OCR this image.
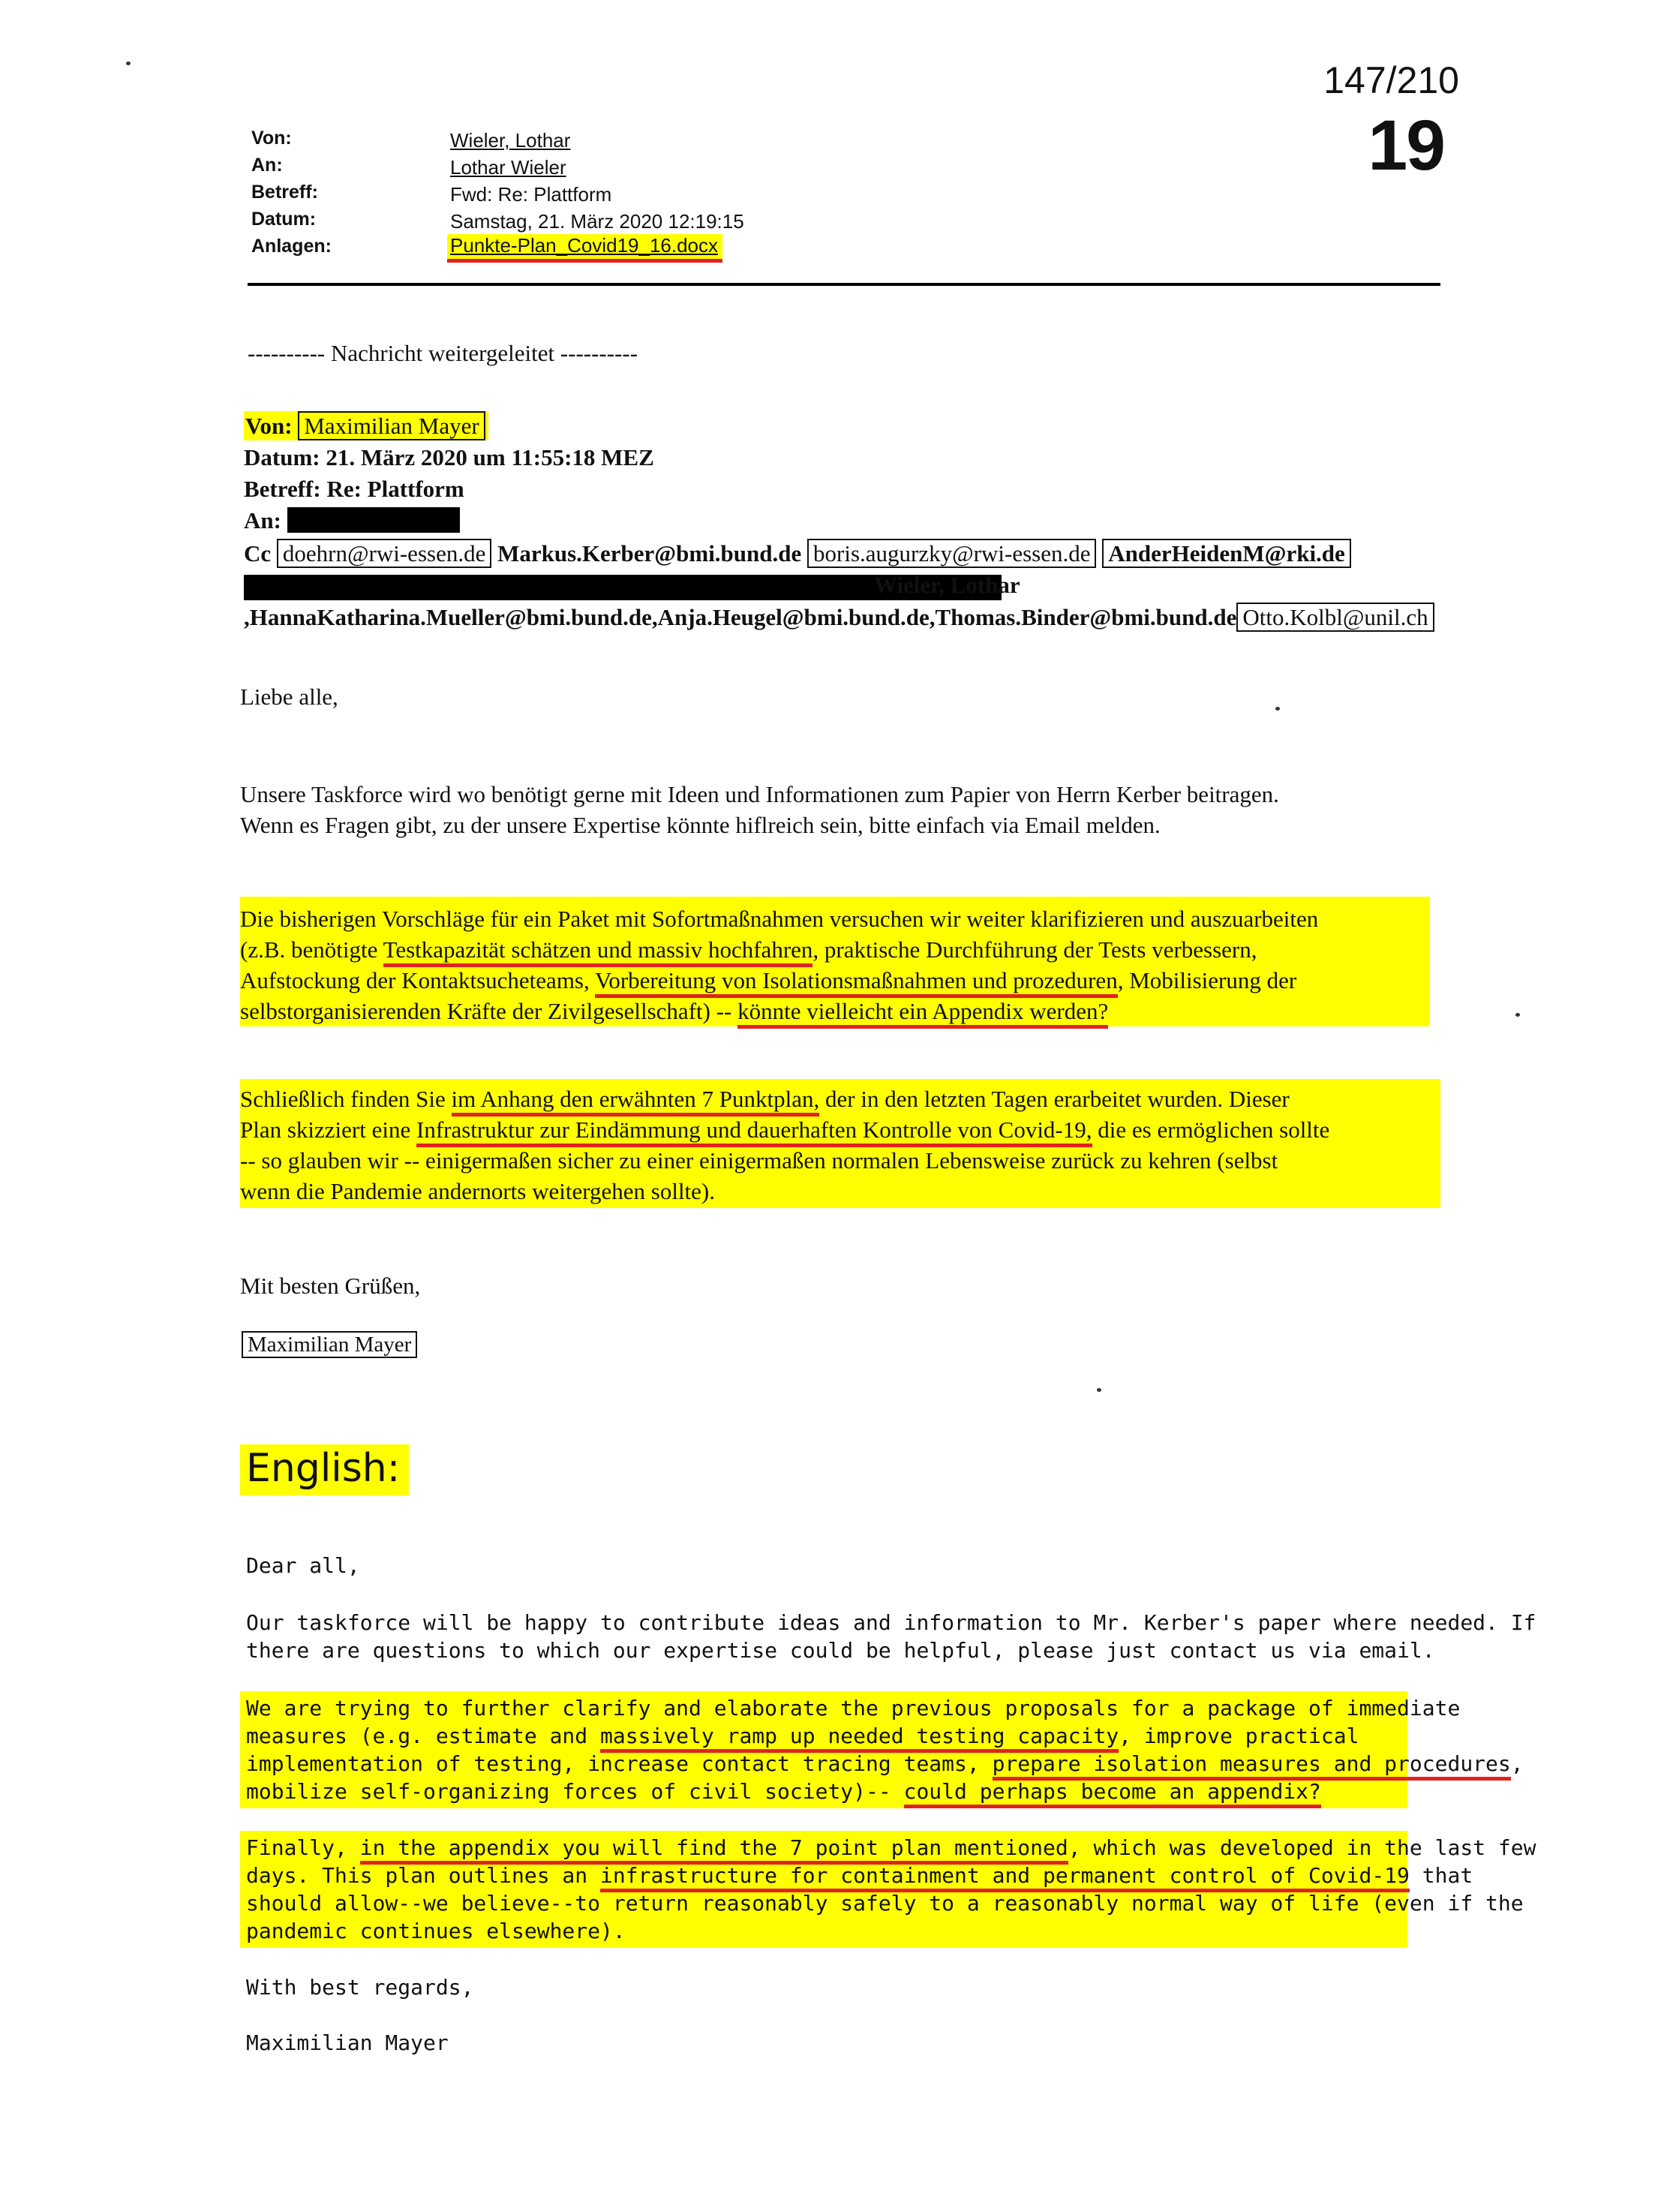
147/210
19
Von:	Wieler, Lothar
An:	Lothar Wieler
Betreff:	Fwd: Re: Plattform
Datum:	Samstag, 21. März 2020 12:19:15
Anlagen:	Punkte-Plan_Covid19_16.docx
---------- Nachricht weitergeleitet ----------
Von: Maximilian Mayer
Datum: 21. März 2020 um 11:55:18 MEZ
Betreff: Re: Plattform
An:
Cc doehrn@rwi-essen.de Markus.Kerber@bmi.bund.de boris.augurzky@rwi-essen.de AnderHeidenM@rki.de
Wieler, Lothar
,HannaKatharina.Mueller@bmi.bund.de,Anja.Heugel@bmi.bund.de,Thomas.Binder@bmi.bund.de Otto.Kolbl@unil.ch
Liebe alle,
Unsere Taskforce wird wo benötigt gerne mit Ideen und Informationen zum Papier von Herrn Kerber beitragen.
Wenn es Fragen gibt, zu der unsere Expertise könnte hiflreich sein, bitte einfach via Email melden.
Die bisherigen Vorschläge für ein Paket mit Sofortmaßnahmen versuchen wir weiter klarifizieren und auszuarbeiten
(z.B. benötigte Testkapazität schätzen und massiv hochfahren, praktische Durchführung der Tests verbessern,
Aufstockung der Kontaktsucheteams, Vorbereitung von Isolationsmaßnahmen und prozeduren, Mobilisierung der
selbstorganisierenden Kräfte der Zivilgesellschaft) -- könnte vielleicht ein Appendix werden?
Schließlich finden Sie im Anhang den erwähnten 7 Punktplan, der in den letzten Tagen erarbeitet wurden. Dieser
Plan skizziert eine Infrastruktur zur Eindämmung und dauerhaften Kontrolle von Covid-19, die es ermöglichen sollte
-- so glauben wir -- einigermaßen sicher zu einer einigermaßen normalen Lebensweise zurück zu kehren (selbst
wenn die Pandemie andernorts weitergehen sollte).
Mit besten Grüßen,
Maximilian Mayer
English:
Dear all,
Our taskforce will be happy to contribute ideas and information to Mr. Kerber's paper where needed. If
there are questions to which our expertise could be helpful, please just contact us via email.
We are trying to further clarify and elaborate the previous proposals for a package of immediate
measures (e.g. estimate and massively ramp up needed testing capacity, improve practical
implementation of testing, increase contact tracing teams, prepare isolation measures and procedures,
mobilize self-organizing forces of civil society)-- could perhaps become an appendix?
Finally, in the appendix you will find the 7 point plan mentioned, which was developed in the last few
days. This plan outlines an infrastructure for containment and permanent control of Covid-19 that
should allow--we believe--to return reasonably safely to a reasonably normal way of life (even if the
pandemic continues elsewhere).
With best regards,
Maximilian Mayer
